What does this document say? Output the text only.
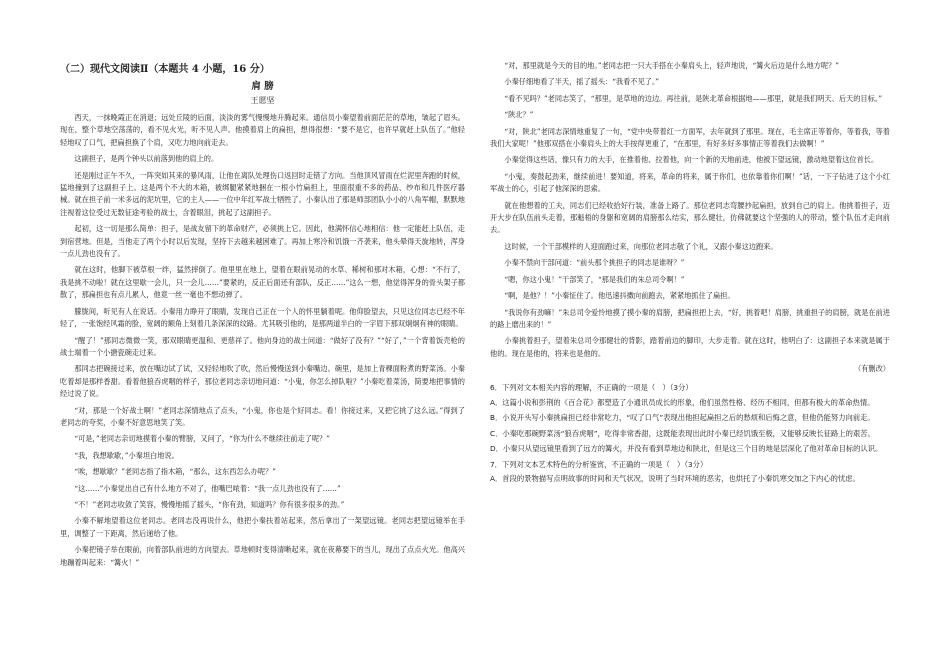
（二）现代文阅读Ⅱ（本题共 4 小题，16 分）
肩 膀
王愿坚

西天，一抹晚霞正在消退；远处丘陵的后面，淡淡的雾气慢慢地升腾起来。通信员小秦望着前面茫茫的草地，皱起了眉头。现在，整个草地空荡荡的，看不见火光，听不见人声。他摸着肩上的扁担，想得很想：“要不是它，也许早就赶上队伍了。”他轻轻地叹了口气，把扁担换了个肩，又吃力地向前走去。

这副担子，是两个钟头以前落到他的肩上的。

还是刚过正午不久，一阵突如其来的暴风雨，让他在离队处理伤口返回时走错了方向。当他顶风冒雨在烂泥里奔跑的时候，猛地撞到了这副担子上。这是两个不大的木箱，被绑腿紧紧地捆在一根小竹扁担上，里面很重不多的药品、纱布和几件医疗器械。就在担子前一米多远的泥坑里，它的主人——一位中年红军战士牺牲了。小秦认出了那是师部团队小小的八角军帽，默默地注视着这位受过无数征途考验的战士，含着眼泪，挑起了这副担子。

起初，这一切是那么简单：担子，是战友留下的革命财产，必须挑上它。因此，他满怀信心地相信：他一定能赶上队伍，走到宿营地。但是，当他走了两个小时以后发现，坚持下去越来越困难了。再加上寒冷和饥饿一齐袭来，他头晕得天旋地转，浑身一点儿劲也没有了。

就在这时，他脚下被草根一绊，猛然摔倒了。他里里在地上，望着在眼前晃动的水草、稀树和那对木箱，心想：“不行了，我是挑不动啦！就在这里歇一会儿，只一会儿……”要紧的，反正后面还有部队，反正……”这么一想，他觉得浑身的骨头架子都散了，那扁担也有点儿累人，他竟一丝一毫也不想动弹了。

朦胧间，听见有人在说话。小秦用力睁开了眼睛，发现自己正在一个人的怀里躺着呢。他仰脸望去，只见这位同志已经不年轻了，一张饱经风霜的脸，宽阔的额角上刻着几条深深的纹路。尤其吸引他的，是那两道半白的一字眉下那双炯炯有神的眼睛。

“醒了！”那同志微微一笑，那双眼睛更温和、更慈祥了。他向身边的战士问道：“做好了没有？”“好了，”一个背着饭壳枪的战士端着一个小搪瓷碗走过来。

那同志把碗接过来，放在嘴边试了试，又轻轻地吹了吹，然后慢慢送到小秦嘴边。碗里，是加上青稞面粉煮的野菜汤。小秦吃着却是那样香甜。看着他狼吞虎咽的样子，那位老同志亲切地问道：“小鬼，你怎么掉队啦？”小秦吃着菜汤，简要地把事情的经过说了说。

“对，那是一个好战士啊！”老同志深情地点了点头，“小鬼，你也是个好同志。看！你接过来，又把它挑了这么远。”得到了老同志的夸奖，小秦不好意思地笑了笑。

“可是，”老同志亲切地摸着小秦的臂膀，又问了，“你为什么不继续往前走了呢？”

“我，我想歇歇，”小秦坦白地说。

“唉，想歇歇？”老同志指了指木箱，“那么，这东西怎么办呢？”

“这……”小秦觉出自己有什么地方不对了，他嘴巴哝着：“我一点儿劲也没有了……”

“不！”老同志收敛了笑容，慢慢地摇了摇头，“你有劲，知道吗？你有很多很多的劲。”

小秦不解地望着这位老同志。老同志没再说什么，他把小秦扶着站起来，然后拿出了一架望远镜。老同志把望远镜举在手里，调整了一下距离，然后递给了他。

小秦把镜子举在眼前，向着部队前进的方向望去。草地顿时变得清晰起来，就在夜幕要下的当儿，现出了点点火光。他高兴地蹦着叫起来：“篝火！”

“对，那里就是今天的目的地。”老同志把一只大手搭在小秦肩头上，轻声地说，“篝火后边是什么地方呢？”

小秦仔细地看了半天，摇了摇头：“我看不见了。”

“看不见吗？”老同志笑了，“那里，是草地的边边。再往前，是陕北革命根据地——那里，就是我们明天、后天的目标。”

“陕北？”

“对，陕北”老同志深情地重复了一句，“党中央带着红一方面军，去年就到了那里。现在，毛主席正等着你，等着我，等着我们大家呢！”他那双搭在小秦肩头上的大手按得更重了，“在那里，有好多好多事情正等着我们去做啊！”

小秦觉得这些话，像只有力的大手，在推着他、拉着他，向一个新的天地前进，他被下望远镜，激动地望着这位首长。

“小鬼，奏鼓起劲来，继续前进！要知道，将来，革命的将来，属于你们，也依靠着你们啊！”话，一下子钻进了这个小红军战士的心，引起了他深深的思索。

就在他想着的工夫，同志们已经收拾好行装，准备上路了。那位老同志弯腰抄起扁担，放到自己的肩上。他挑着担子，迈开大步在队伍前头走着，那魁梧的身躯和宽阔的肩膀那么结实，那么健壮，仿佛就要这个坚强的人的带动，整个队伍才走向前去。

这时候，一个干部模样的人迎面跑过来，向那位老同志敬了个礼，又跟小秦这边跑来。

小秦不禁向干部问道：“前头那个挑担子的同志是谁呀？”

“嗯，你这小鬼！”干部笑了，“那是我们的朱总司令啊！”

“啊，是他？！”小秦怔住了。他迅速抖擞向前跑去，紧紧地抓住了扁担。

“我说你有劲嘛！”朱总司令爱怜地摸了摸小秦的肩膀，把扁担把上去，“好，挑着吧！肩膀，挑重担子的肩膀，就是在前进的路上磨出来的！”

小秦挑着担子，望着朱总司令那健壮的背影，踏着前边的脚印，大步走着。就在这时，他明白了：这副担子本来就是属于他的。现在是他的，将来也是他的。

（有删改）

6．下列对文本相关内容的理解，不正确的一项是（　）（3分）
A．这篇小说和彭荆的《百合花》都塑造了小通讯员成长的形象，他们虽然性格、经历不相同，但都有极大的革命热情。
B．小说开头写小秦挑扁担已经非常吃力，“叹了口气”表现出他担起扁担之后的愁烦和后悔之意，但他仍能努力向前走。
C．小秦吃那碗野菜汤“狼吞虎咽”，吃得非常香甜，这既能表现出此时小秦已经饥饿至极，又能够反映长征路上的艰苦。
D．小秦只从望远镜里看到了远方的篝火，并没有看到草地边和陕北，但是这三个目的地是层深化了他对革命目标的认识。
7．下列对文本艺术特色的分析鉴赏，不正确的一项是（　）（3分）
A．首段的景物描写点明故事的时间和天气状况，说明了当时环境的恶劣，也烘托了小秦饥寒交加之下内心的忧虑。
